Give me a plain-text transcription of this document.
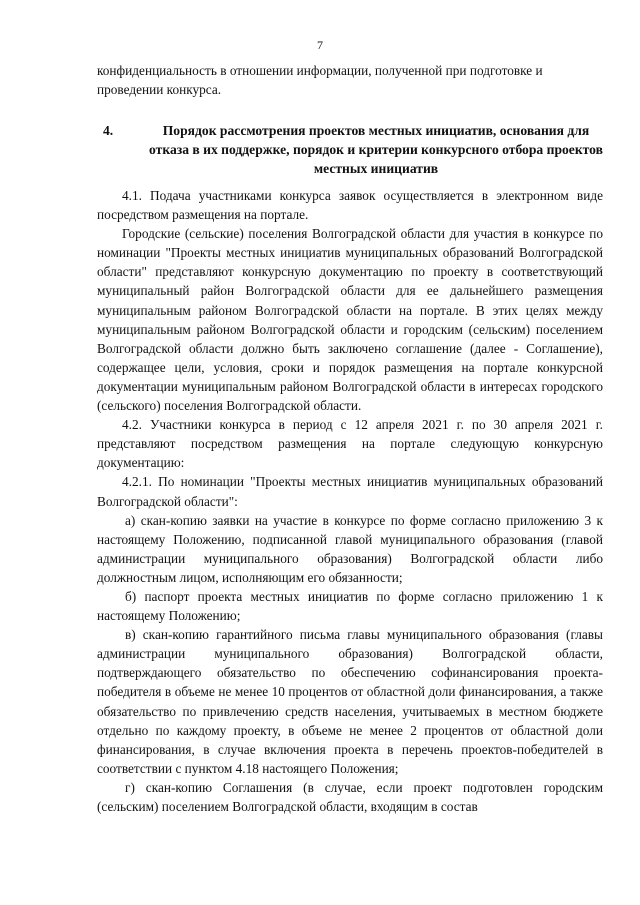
7
конфиденциальность в отношении информации, полученной при подготовке и
проведении конкурса.
4.	Порядок рассмотрения проектов местных инициатив, основания для отказа в их поддержке, порядок и критерии конкурсного отбора проектов местных инициатив

4.1. Подача участниками конкурса заявок осуществляется в электронном виде посредством размещения на портале.

Городские (сельские) поселения Волгоградской области для участия в конкурсе по номинации "Проекты местных инициатив муниципальных образований Волгоградской области" представляют конкурсную документацию по проекту в соответствующий муниципальный район Волгоградской области для ее дальнейшего размещения муниципальным районом Волгоградской области на портале. В этих целях между муниципальным районом Волгоградской области и городским (сельским) поселением Волгоградской области должно быть заключено соглашение (далее - Соглашение), содержащее цели, условия, сроки и порядок размещения на портале конкурсной документации муниципальным районом Волгоградской области в интересах городского (сельского) поселения Волгоградской области.

4.2. Участники конкурса в период с 12 апреля 2021 г. по 30 апреля 2021 г. представляют посредством размещения на портале следующую конкурсную документацию:

4.2.1. По номинации "Проекты местных инициатив муниципальных образований Волгоградской области":

а) скан-копию заявки на участие в конкурсе по форме согласно приложению 3 к настоящему Положению, подписанной главой муниципального образования (главой администрации муниципального образования) Волгоградской области либо должностным лицом, исполняющим его обязанности;

б) паспорт проекта местных инициатив по форме согласно приложению 1 к настоящему Положению;

в) скан-копию гарантийного письма главы муниципального образования (главы администрации муниципального образования) Волгоградской области, подтверждающего обязательство по обеспечению софинансирования проекта-победителя в объеме не менее 10 процентов от областной доли финансирования, а также обязательство по привлечению средств населения, учитываемых в местном бюджете отдельно по каждому проекту, в объеме не менее 2 процентов от областной доли финансирования, в случае включения проекта в перечень проектов-победителей в соответствии с пунктом 4.18 настоящего Положения;

г) скан-копию Соглашения (в случае, если проект подготовлен городским (сельским) поселением Волгоградской области, входящим в состав
